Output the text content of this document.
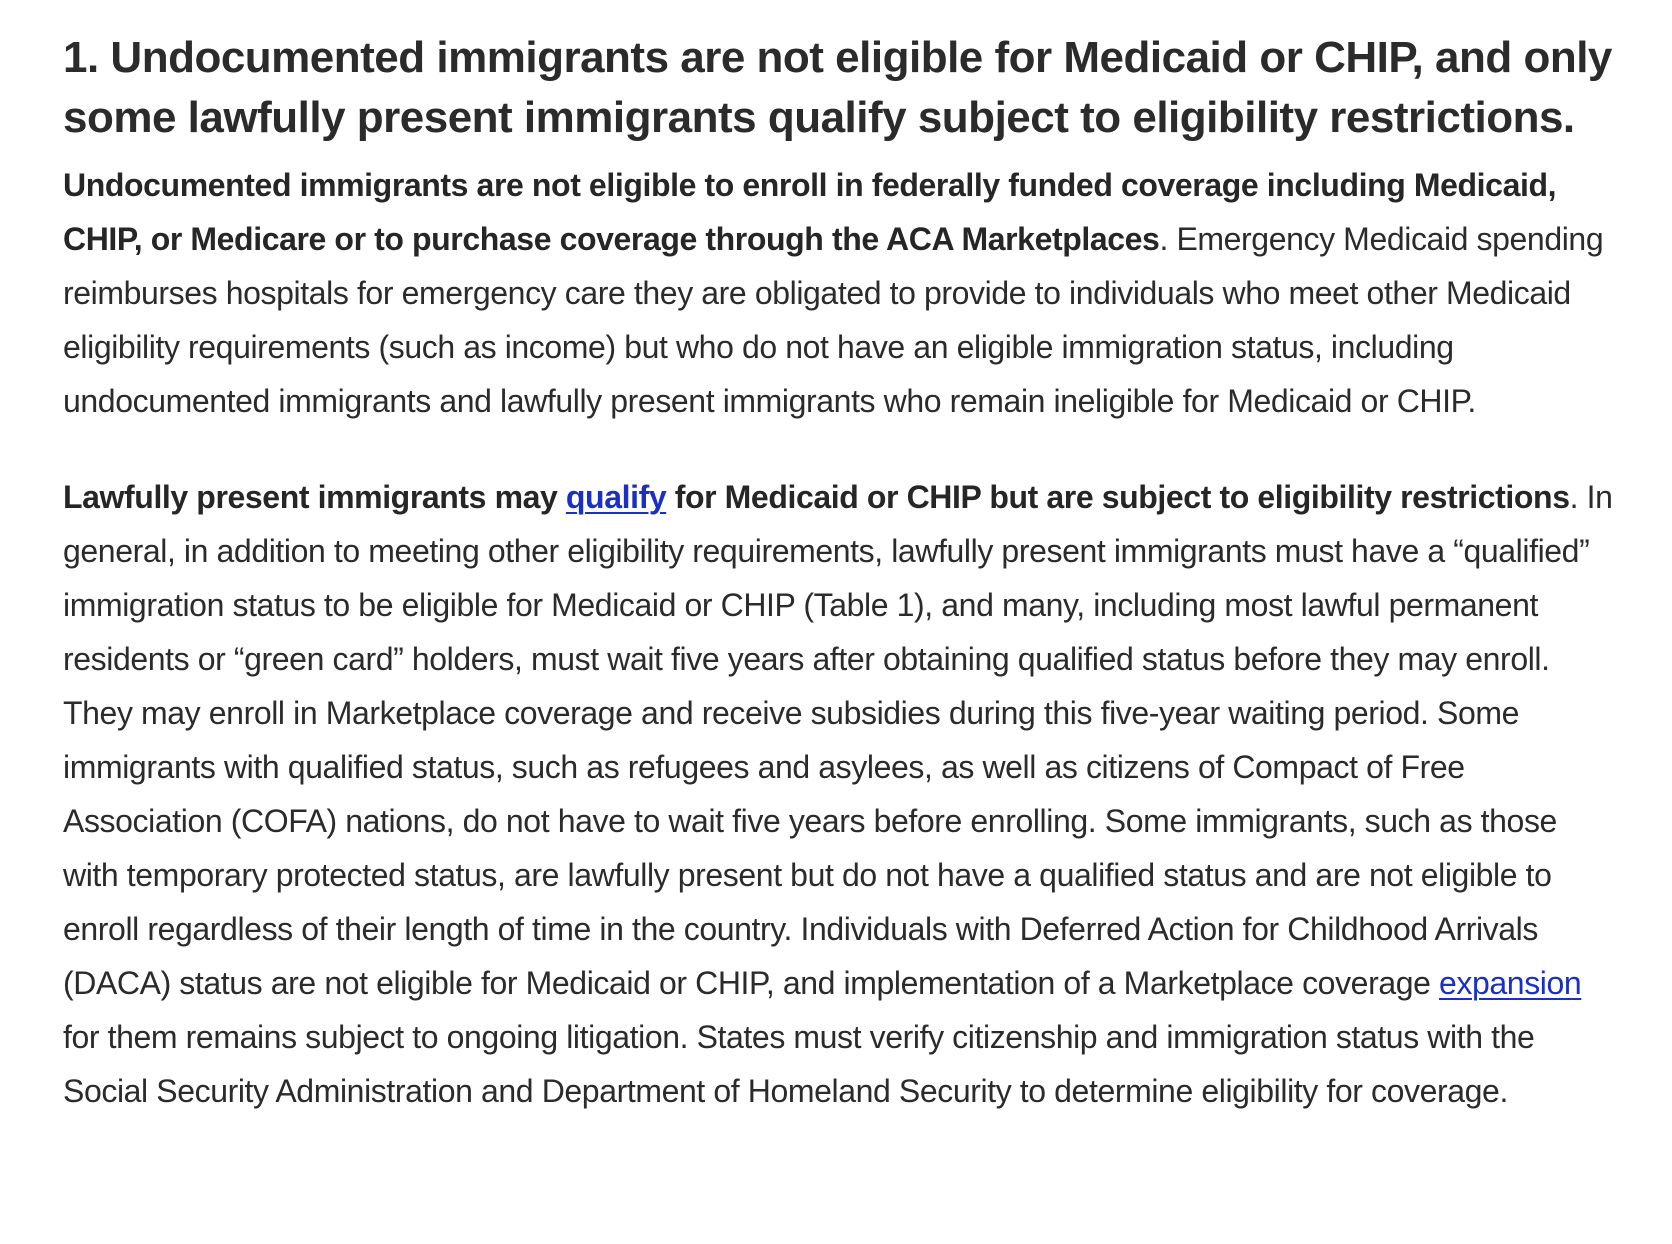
1. Undocumented immigrants are not eligible for Medicaid or CHIP, and only some lawfully present immigrants qualify subject to eligibility restrictions.

Undocumented immigrants are not eligible to enroll in federally funded coverage including Medicaid, CHIP, or Medicare or to purchase coverage through the ACA Marketplaces. Emergency Medicaid spending reimburses hospitals for emergency care they are obligated to provide to individuals who meet other Medicaid eligibility requirements (such as income) but who do not have an eligible immigration status, including undocumented immigrants and lawfully present immigrants who remain ineligible for Medicaid or CHIP.

Lawfully present immigrants may qualify for Medicaid or CHIP but are subject to eligibility restrictions. In general, in addition to meeting other eligibility requirements, lawfully present immigrants must have a “qualified” immigration status to be eligible for Medicaid or CHIP (Table 1), and many, including most lawful permanent residents or “green card” holders, must wait five years after obtaining qualified status before they may enroll. They may enroll in Marketplace coverage and receive subsidies during this five-year waiting period. Some immigrants with qualified status, such as refugees and asylees, as well as citizens of Compact of Free Association (COFA) nations, do not have to wait five years before enrolling. Some immigrants, such as those with temporary protected status, are lawfully present but do not have a qualified status and are not eligible to enroll regardless of their length of time in the country. Individuals with Deferred Action for Childhood Arrivals (DACA) status are not eligible for Medicaid or CHIP, and implementation of a Marketplace coverage expansion for them remains subject to ongoing litigation. States must verify citizenship and immigration status with the Social Security Administration and Department of Homeland Security to determine eligibility for coverage.
